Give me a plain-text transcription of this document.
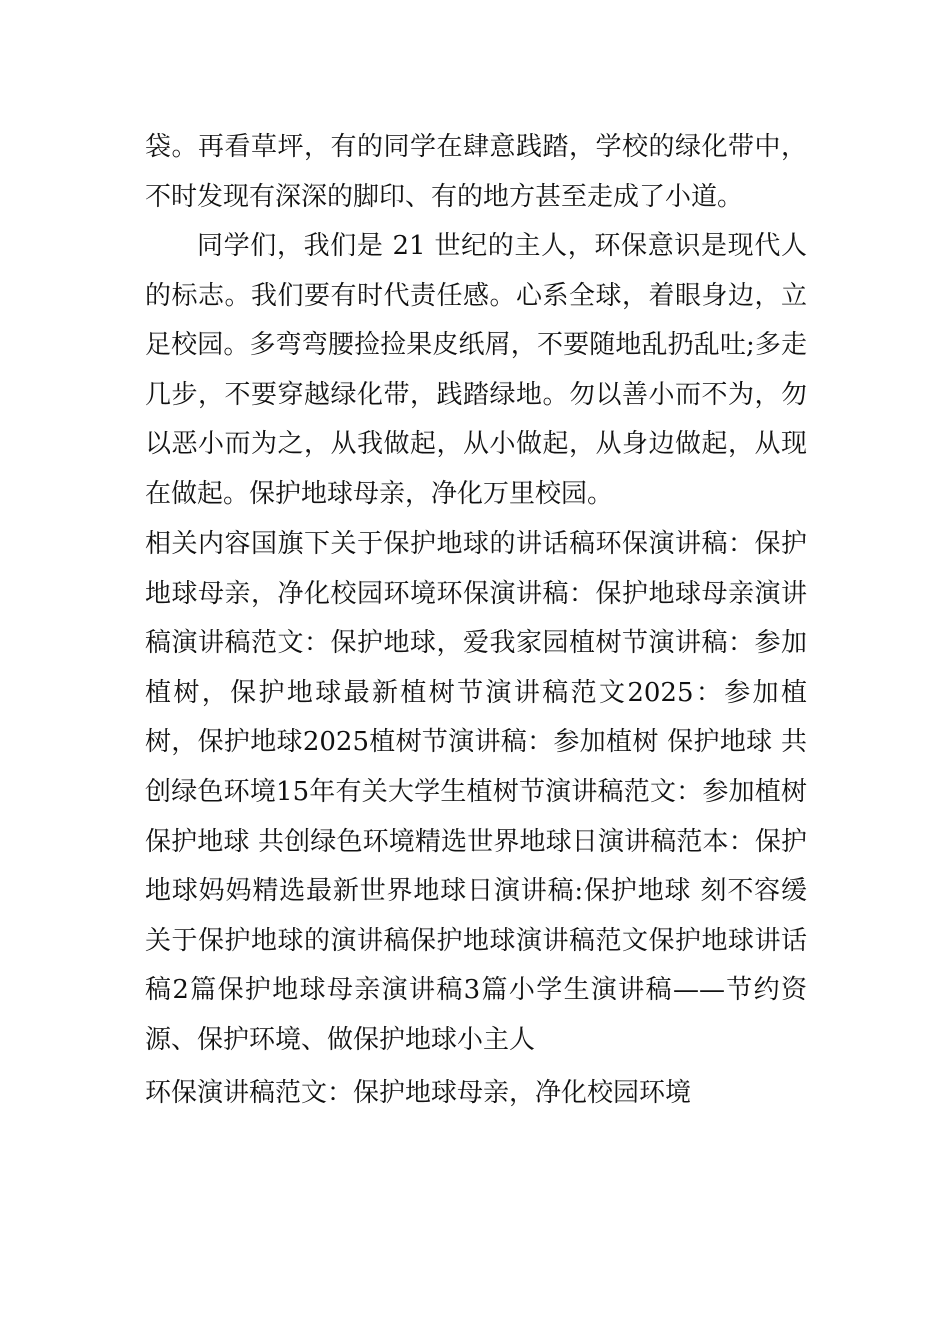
袋。再看草坪，有的同学在肆意践踏，学校的绿化带中，不时发现有深深的脚印、有的地方甚至走成了小道。

同学们，我们是 21 世纪的主人，环保意识是现代人的标志。我们要有时代责任感。心系全球，着眼身边，立足校园。多弯弯腰捡捡果皮纸屑，不要随地乱扔乱吐;多走几步，不要穿越绿化带，践踏绿地。勿以善小而不为，勿以恶小而为之，从我做起，从小做起，从身边做起，从现在做起。保护地球母亲，净化万里校园。

相关内容国旗下关于保护地球的讲话稿环保演讲稿：保护地球母亲，净化校园环境环保演讲稿：保护地球母亲演讲稿演讲稿范文：保护地球，爱我家园植树节演讲稿：参加植树，保护地球最新植树节演讲稿范文2025：参加植树，保护地球2025植树节演讲稿：参加植树 保护地球 共创绿色环境15年有关大学生植树节演讲稿范文：参加植树 保护地球 共创绿色环境精选世界地球日演讲稿范本：保护地球妈妈精选最新世界地球日演讲稿:保护地球 刻不容缓关于保护地球的演讲稿保护地球演讲稿范文保护地球讲话稿2篇保护地球母亲演讲稿3篇小学生演讲稿——节约资源、保护环境、做保护地球小主人

环保演讲稿范文：保护地球母亲，净化校园环境
